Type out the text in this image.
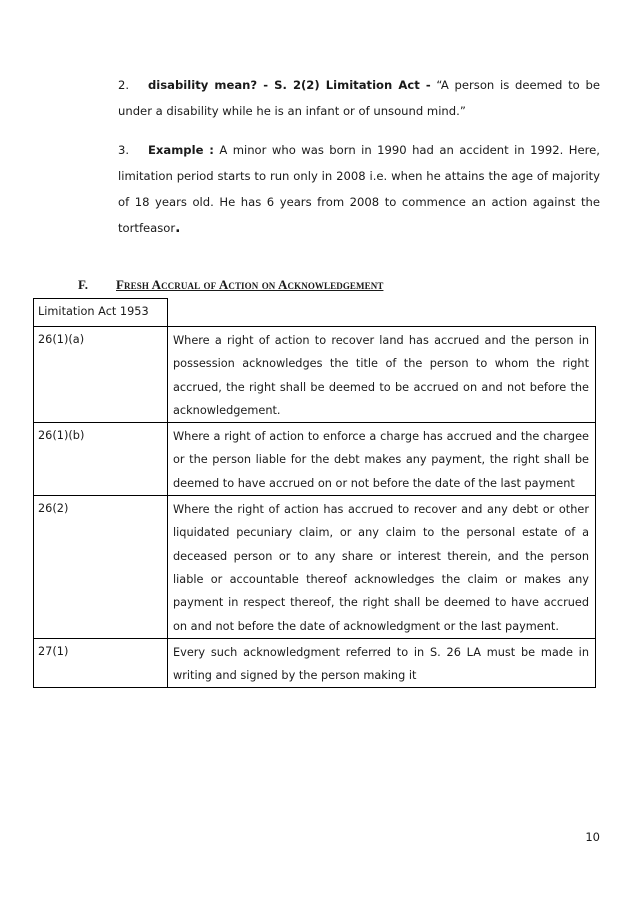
2. disability mean? - S. 2(2) Limitation Act - “A person is deemed to be under a disability while he is an infant or of unsound mind.”
3. Example : A minor who was born in 1990 had an accident in 1992. Here, limitation period starts to run only in 2008 i.e. when he attains the age of majority of 18 years old. He has 6 years from 2008 to commence an action against the tortfeasor.
F. Fresh Accrual of Action on Acknowledgement
Limitation Act 1953	
26(1)(a)	Where a right of action to recover land has accrued and the person in possession acknowledges the title of the person to whom the right accrued, the right shall be deemed to be accrued on and not before the acknowledgement.
26(1)(b)	Where a right of action to enforce a charge has accrued and the chargee or the person liable for the debt makes any payment, the right shall be deemed to have accrued on or not before the date of the last payment
26(2)	Where the right of action has accrued to recover and any debt or other liquidated pecuniary claim, or any claim to the personal estate of a deceased person or to any share or interest therein, and the person liable or accountable thereof acknowledges the claim or makes any payment in respect thereof, the right shall be deemed to have accrued on and not before the date of acknowledgment or the last payment.
27(1)	Every such acknowledgment referred to in S. 26 LA must be made in writing and signed by the person making it
10
